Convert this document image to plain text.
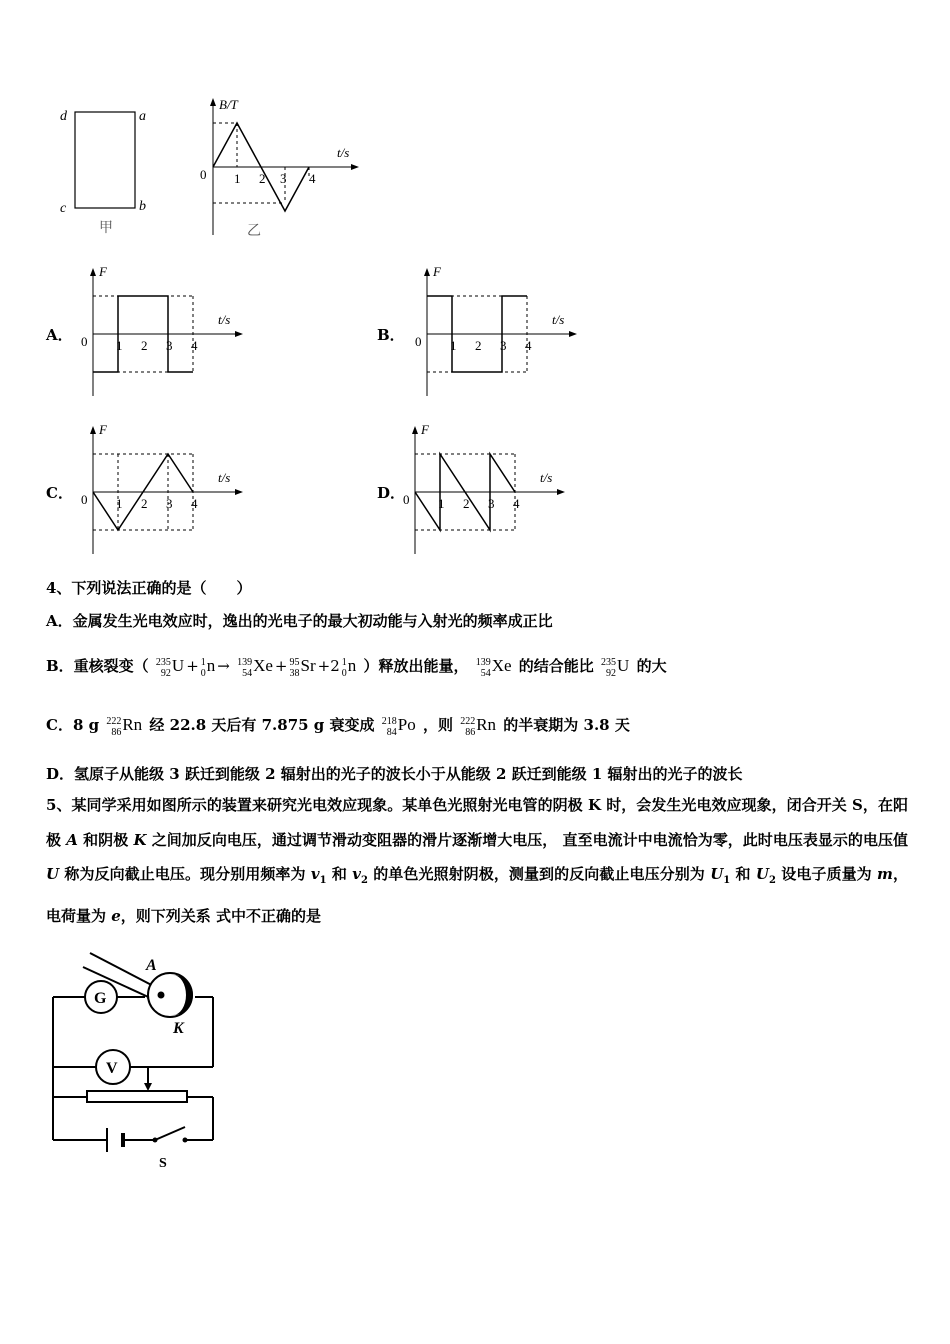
d	a
c	b
甲
B/T
t/s
0 1 2 3 4
乙
A．
F
t/s
0 1 2 3 4
B．
F
t/s
0 1 2 3 4
C．
F
t/s
0 1 2 3 4
D．
F
t/s
0 1 2 3 4
4、下列说法正确的是（　　）
A．金属发生光电效应时，逸出的光电子的最大初动能与入射光的频率成正比
B．重核裂变（ 235
92 U + 1
0 n → 139
54 Xe + 95
38 Sr +2 1
0 n ）释放出能量， 139
54 Xe 的结合能比 235
92 U 的大
C．8 g 222
86 Rn 经 22.8 天后有 7.875 g 衰变成 218
84 Po ，则 222
86 Rn 的半衰期为 3.8 天
D．氢原子从能级 3 跃迁到能级 2 辐射出的光子的波长小于从能级 2 跃迁到能级 1 辐射出的光子的波长
5、某同学采用如图所示的装置来研究光电效应现象。某单色光照射光电管的阴极 K 时，会发生光电效应现象，闭合开关 S，在阳极 A 和阴极 K 之间加反向电压，通过调节滑动变阻器的滑片逐渐增大电压， 直至电流计中电流恰为零，此时电压表显示的电压值 U 称为反向截止电压。现分别用频率为 $v_1$ 和 $v_2$ 的单色光照射阴极，测量到的反向截止电压分别为 $U_1$ 和 $U_2$ 设电子质量为 m，电荷量为 e，则下列关系 式中不正确的是
G
V
A
K
S
